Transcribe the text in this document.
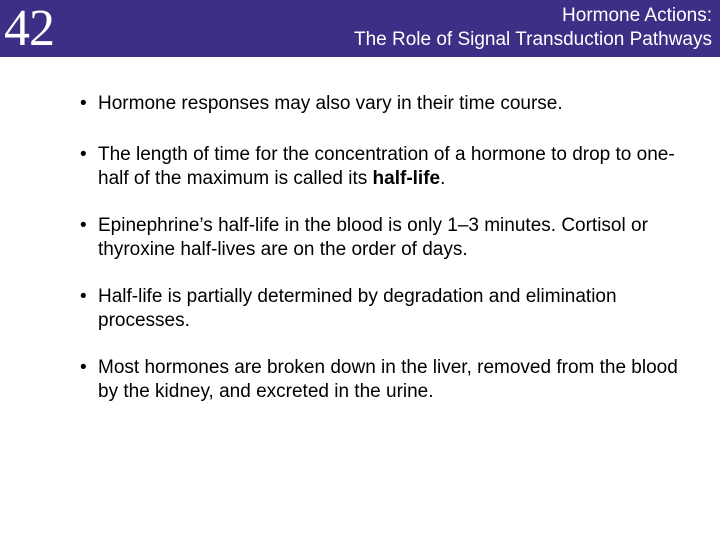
42	Hormone Actions:
The Role of Signal Transduction Pathways
• Hormone responses may also vary in their time course.
• The length of time for the concentration of a hormone to drop to one-half of the maximum is called its half-life.
• Epinephrine’s half-life in the blood is only 1–3 minutes. Cortisol or thyroxine half-lives are on the order of days.
• Half-life is partially determined by degradation and elimination processes.
• Most hormones are broken down in the liver, removed from the blood by the kidney, and excreted in the urine.
